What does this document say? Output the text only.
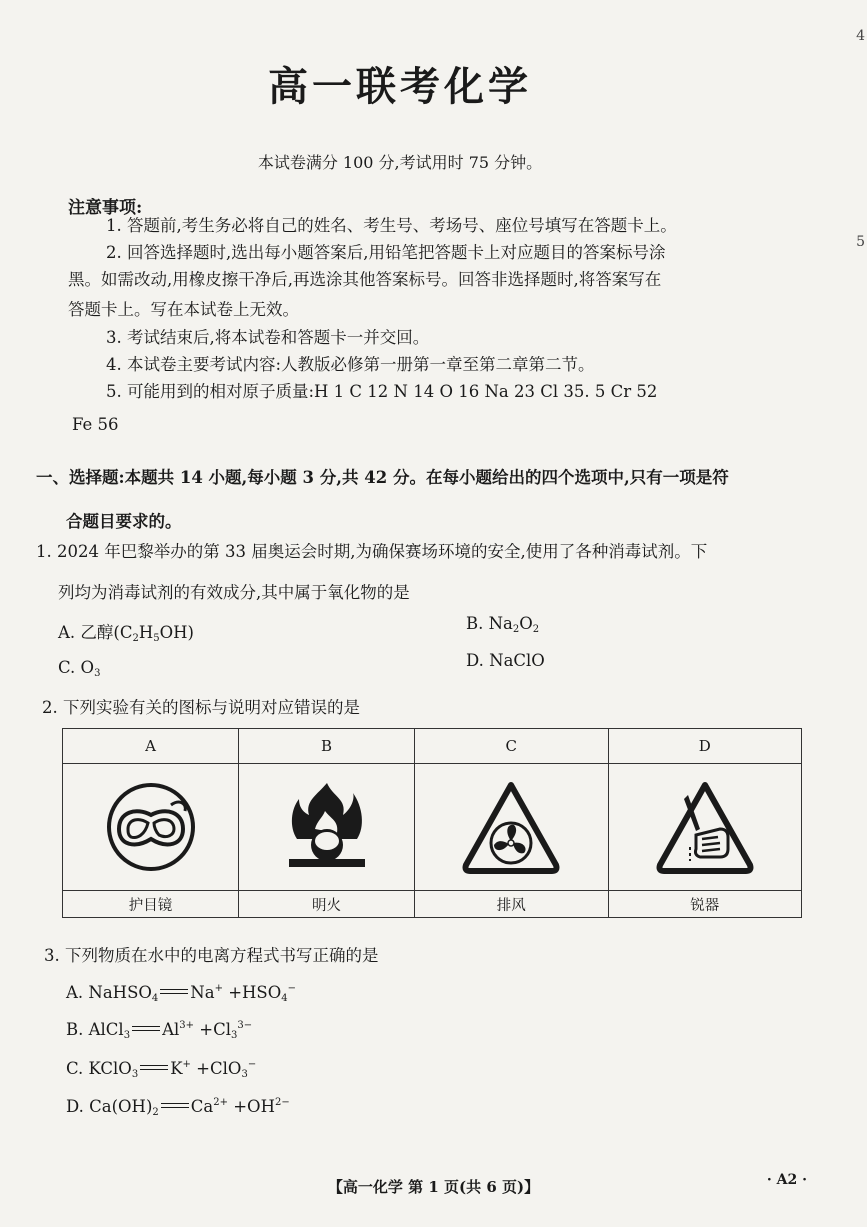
4
5
高一联考化学
本试卷满分 100 分,考试用时 75 分钟。
注意事项:
1. 答题前,考生务必将自己的姓名、考生号、考场号、座位号填写在答题卡上。
2. 回答选择题时,选出每小题答案后,用铅笔把答题卡上对应题目的答案标号涂
黑。如需改动,用橡皮擦干净后,再选涂其他答案标号。回答非选择题时,将答案写在
答题卡上。写在本试卷上无效。
3. 考试结束后,将本试卷和答题卡一并交回。
4. 本试卷主要考试内容:人教版必修第一册第一章至第二章第二节。
5. 可能用到的相对原子质量:H 1 C 12 N 14 O 16 Na 23 Cl 35. 5 Cr 52
Fe 56
一、选择题:本题共 14 小题,每小题 3 分,共 42 分。在每小题给出的四个选项中,只有一项是符
合题目要求的。
1. 2024 年巴黎举办的第 33 届奥运会时期,为确保赛场环境的安全,使用了各种消毒试剂。下
列均为消毒试剂的有效成分,其中属于氧化物的是
A. 乙醇$(C_2H_5OH)$	B. $Na_2O_2$
C. $O_3$
D. NaClO
2. 下列实验有关的图标与说明对应错误的是
A	B	C	D

护目镜	明火	排风	锐器
3. 下列物质在水中的电离方程式书写正确的是
A. NaHSO$_4$ $Na^+ +HSO_4^-$
B. AlCl$_3$ $Al^{3+} +Cl_3^{3-}$
C. KClO$_3$ K+ +ClO$_3$−
D. $Ca(OH)_2$ $Ca^{2+} +OH^{2-}$
【高一化学 第 1 页(共 6 页)】	· A2 ·
